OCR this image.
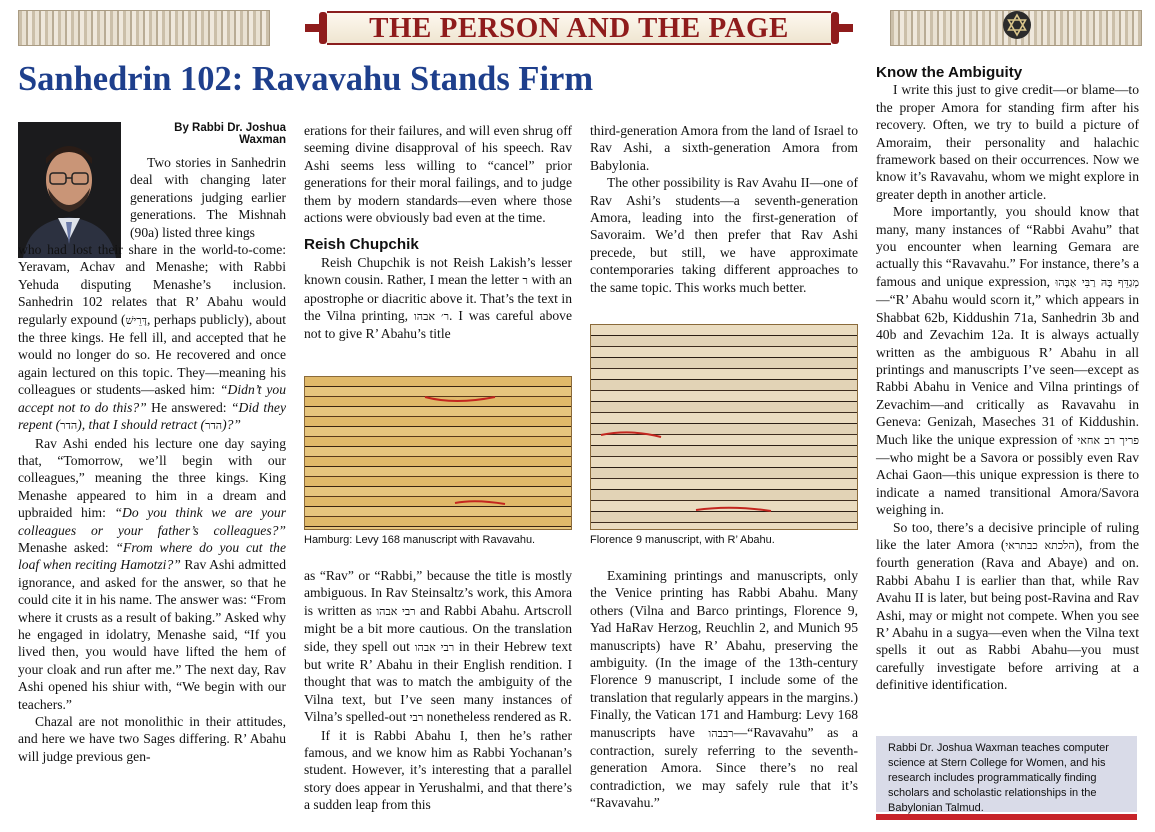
THE PERSON AND THE PAGE
Sanhedrin 102: Ravavahu Stands Firm
By Rabbi Dr. Joshua Waxman

Two stories in Sanhedrin deal with changing later generations judging earlier generations. The Mishnah (90a) listed three kings

who had lost their share in the world-to-come: Yeravam, Achav and Menashe; with Rabbi Yehuda disputing Menashe’s inclusion. Sanhedrin 102 relates that R’ Abahu would regularly expound (דָּרֵישׁ, perhaps publicly), about the three kings. He fell ill, and accepted that he would no longer do so. He recovered and once again lectured on this topic. They—meaning his colleagues or students—asked him: “Didn’t you accept not to do this?” He answered: “Did they repent (הדר), that I should retract (הדר)?”

Rav Ashi ended his lecture one day saying that, “Tomorrow, we’ll begin with our colleagues,” meaning the three kings. King Menashe appeared to him in a dream and upbraided him: “Do you think we are your colleagues or your father’s colleagues?” Menashe asked: “From where do you cut the loaf when reciting Hamotzi?” Rav Ashi admitted ignorance, and asked for the answer, so that he could cite it in his name. The answer was: “From where it crusts as a result of baking.” Asked why he engaged in idolatry, Menashe said, “If you lived then, you would have lifted the hem of your cloak and run after me.” The next day, Rav Ashi opened his shiur with, “We begin with our teachers.”

Chazal are not monolithic in their attitudes, and here we have two Sages differing. R’ Abahu will judge previous gen-

erations for their failures, and will even shrug off seeming divine disapproval of his speech. Rav Ashi seems less willing to “cancel” prior generations for their moral failings, and to judge them by modern standards—even where those actions were obviously bad even at the time.

Reish Chupchik

Reish Chupchik is not Reish Lakish’s lesser known cousin. Rather, I mean the letter ר with an apostrophe or diacritic above it. That’s the text in the Vilna printing, ר׳ אבהו. I was careful above not to give R’ Abahu’s title

Hamburg: Levy 168 manuscript with Ravavahu.

as “Rav” or “Rabbi,” because the title is mostly ambiguous. In Rav Steinsaltz’s work, this Amora is written as רבי אבהו and Rabbi Abahu. Artscroll might be a bit more cautious. On the translation side, they spell out רבי אבהו in their Hebrew text but write R’ Abahu in their English rendition. I thought that was to match the ambiguity of the Vilna text, but I’ve seen many instances of Vilna’s spelled-out רבי nonetheless rendered as R.

If it is Rabbi Abahu I, then he’s rather famous, and we know him as Rabbi Yochanan’s student. However, it’s interesting that a parallel story does appear in Yerushalmi, and that there’s a sudden leap from this

third-generation Amora from the land of Israel to Rav Ashi, a sixth-generation Amora from Babylonia.

The other possibility is Rav Avahu II—one of Rav Ashi’s students—a seventh-generation Amora, leading into the first-generation of Savoraim. We’d then prefer that Rav Ashi precede, but still, we have approximate contemporaries taking different approaches to the same topic. This works much better.

Florence 9 manuscript, with R’ Abahu.

Examining printings and manuscripts, only the Venice printing has Rabbi Abahu. Many others (Vilna and Barco printings, Florence 9, Yad HaRav Herzog, Reuchlin 2, and Munich 95 manuscripts) have R’ Abahu, preserving the ambiguity. (In the image of the 13th-century Florence 9 manuscript, I include some of the translation that regularly appears in the margins.) Finally, the Vatican 171 and Hamburg: Levy 168 manuscripts have רבבהו—“Ravavahu” as a contraction, surely referring to the seventh-generation Amora. Since there’s no real contradiction, we may safely rule that it’s “Ravavahu.”

Know the Ambiguity

I write this just to give credit—or blame—to the proper Amora for standing firm after his recovery. Often, we try to build a picture of Amoraim, their personality and halachic framework based on their occurrences. Now we know it’s Ravavahu, whom we might explore in greater depth in another article.

More importantly, you should know that many, many instances of “Rabbi Avahu” that you encounter when learning Gemara are actually this “Ravavahu.” For instance, there’s a famous and unique expression, מְגַדֵּף בָּהּ רַבִּי אַבָּהוּ—“R’ Abahu would scorn it,” which appears in Shabbat 62b, Kiddushin 71a, Sanhedrin 3b and 40b and Zevachim 12a. It is always actually written as the ambiguous R’ Abahu in all printings and manuscripts I’ve seen—except as Rabbi Abahu in Venice and Vilna printings of Zevachim—and critically as Ravavahu in Geneva: Genizah, Maseches 31 of Kiddushin. Much like the unique expression of פריך רב אחאי—who might be a Savora or possibly even Rav Achai Gaon—this unique expression is there to indicate a named transitional Amora/Savora weighing in.

So too, there’s a decisive principle of ruling like the later Amora (הלכתא כבתראי), from the fourth generation (Rava and Abaye) and on. Rabbi Abahu I is earlier than that, while Rav Avahu II is later, but being post-Ravina and Rav Ashi, may or might not compete. When you see R’ Abahu in a sugya—even when the Vilna text spells it out as Rabbi Abahu—you must carefully investigate before arriving at a definitive identification.

Rabbi Dr. Joshua Waxman teaches computer science at Stern College for Women, and his research includes programmatically finding scholars and scholastic relationships in the Babylonian Talmud.
